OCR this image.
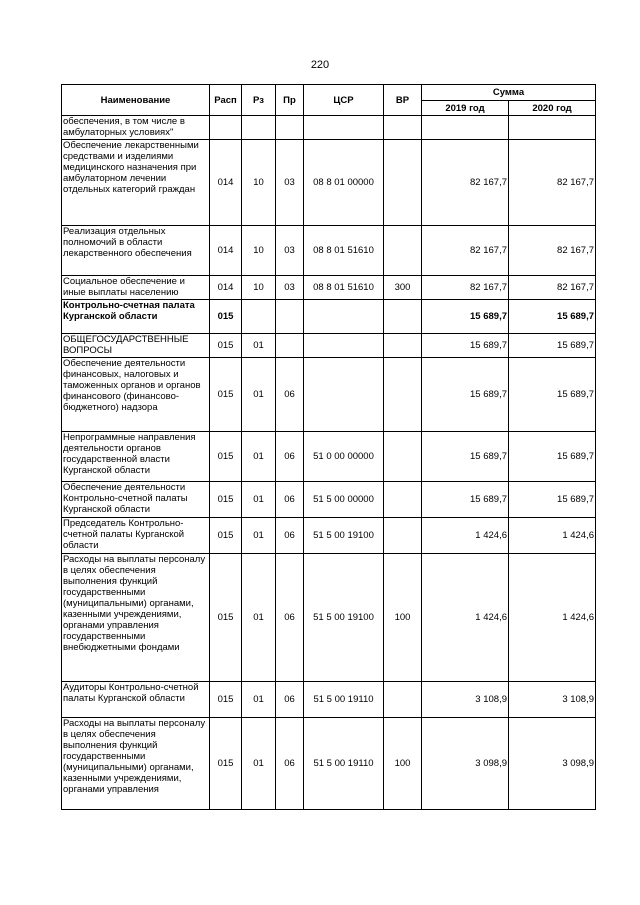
220
Наименование	Расп	Рз	Пр	ЦСР	ВР	Сумма	
						2019 год	2020 год
обеспечения, в том числе в амбулаторных условиях"							
Обеспечение лекарственными средствами и изделиями медицинского назначения при амбулаторном лечении отдельных категорий граждан	014	10	03	08 8 01 00000		82 167,7	82 167,7
Реализация отдельных полномочий в области лекарственного обеспечения	014	10	03	08 8 01 51610		82 167,7	82 167,7
Социальное обеспечение и иные выплаты населению	014	10	03	08 8 01 51610	300	82 167,7	82 167,7
Контрольно-счетная палата Курганской области	015					15 689,7	15 689,7
ОБЩЕГОСУДАРСТВЕННЫЕ ВОПРОСЫ	015	01				15 689,7	15 689,7
Обеспечение деятельности финансовых, налоговых и таможенных органов и органов финансового (финансово-бюджетного) надзора	015	01	06			15 689,7	15 689,7
Непрограммные направления деятельности органов государственной власти Курганской области	015	01	06	51 0 00 00000		15 689,7	15 689,7
Обеспечение деятельности Контрольно-счетной палаты Курганской области	015	01	06	51 5 00 00000		15 689,7	15 689,7
Председатель Контрольно-счетной палаты Курганской области	015	01	06	51 5 00 19100		1 424,6	1 424,6
Расходы на выплаты персоналу в целях обеспечения выполнения функций государственными (муниципальными) органами, казенными учреждениями, органами управления государственными внебюджетными фондами	015	01	06	51 5 00 19100	100	1 424,6	1 424,6
Аудиторы Контрольно-счетной палаты Курганской области	015	01	06	51 5 00 19110		3 108,9	3 108,9
Расходы на выплаты персоналу в целях обеспечения выполнения функций государственными (муниципальными) органами, казенными учреждениями, органами управления	015	01	06	51 5 00 19110	100	3 098,9	3 098,9
